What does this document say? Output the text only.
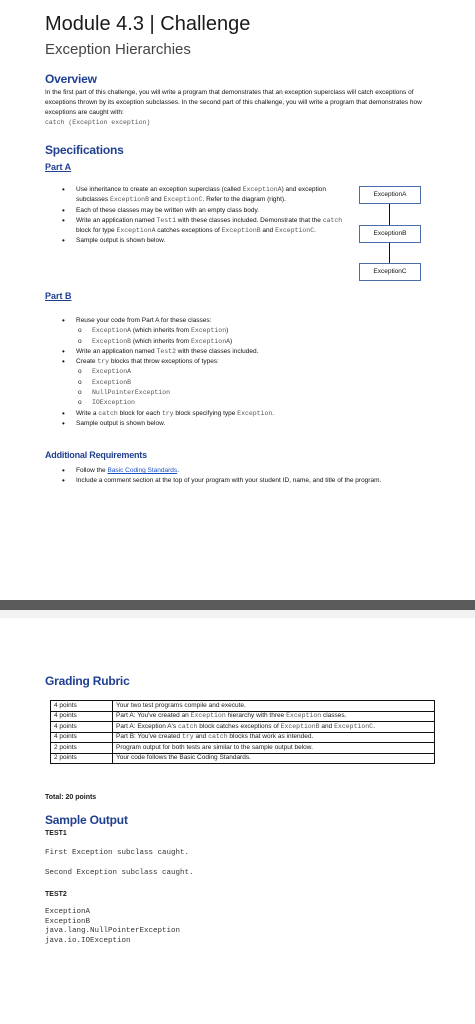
Module 4.3 | Challenge
Exception Hierarchies
Overview
In the first part of this challenge, you will write a program that demonstrates that an exception superclass will catch exceptions of exceptions thrown by its exception subclasses. In the second part of this challenge, you will write a program that demonstrates how exceptions are caught with:
catch (Exception exception)
Specifications
Part A
• Use inheritance to create an exception superclass (called ExceptionA) and exception subclasses ExceptionB and ExceptionC. Refer to the diagram (right).
• Each of these classes may be written with an empty class body.
• Write an application named Test1 with these classes included. Demonstrate that the catch block for type ExceptionA catches exceptions of ExceptionB and ExceptionC.
• Sample output is shown below.
ExceptionA
ExceptionB
ExceptionC
Part B
• Reuse your code from Part A for these classes:
o ExceptionA (which inherits from Exception)
o ExceptionB (which inherits from ExceptionA)
• Write an application named Test2 with these classes included.
• Create try blocks that throw exceptions of types:
o ExceptionA
o ExceptionB
o NullPointerException
o IOException
• Write a catch block for each try block specifying type Exception.
• Sample output is shown below.
Additional Requirements
• Follow the Basic Coding Standards.
• Include a comment section at the top of your program with your student ID, name, and title of the program.
Grading Rubric
4 points	Your two test programs compile and execute.
4 points	Part A: You've created an Exception hierarchy with three Exception classes.
4 points	Part A: Exception A's catch block catches exceptions of ExceptionB and ExceptionC.
4 points	Part B: You've created try and catch blocks that work as intended.
2 points	Program output for both tests are similar to the sample output below.
2 points	Your code follows the Basic Coding Standards.
Total: 20 points
Sample Output
TEST1
First Exception subclass caught.
Second Exception subclass caught.
TEST2
ExceptionA
ExceptionB
java.lang.NullPointerException
java.io.IOException
